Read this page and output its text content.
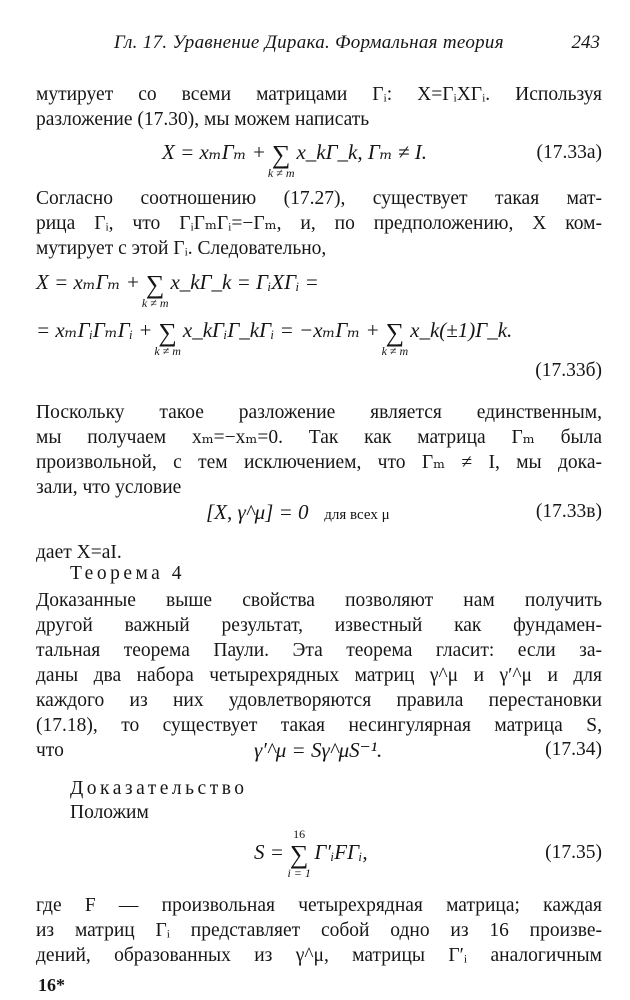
Гл. 17. Уравнение Дирака. Формальная теория	243
мутирует со всеми матрицами Γᵢ: X=ΓᵢXΓᵢ. Используя
разложение (17.30), мы можем написать
X = xₘΓₘ + ∑
k ≠ m
x_kΓ_k, Γₘ ≠ I.	(17.33a)
Согласно соотношению (17.27), существует такая мат-
рица Γᵢ, что ΓᵢΓₘΓᵢ=−Γₘ, и, по предположению, X ком-
мутирует с этой Γᵢ. Следовательно,
X = xₘΓₘ + ∑
k ≠ m
x_kΓ_k = ΓᵢXΓᵢ =
= xₘΓᵢΓₘΓᵢ + ∑
k ≠ m
x_kΓᵢΓ_kΓᵢ = −xₘΓₘ + ∑
k ≠ m
x_k(±1)Γ_k.
(17.33б)
Поскольку такое разложение является единственным,
мы получаем xₘ=−xₘ=0. Так как матрица Γₘ была
произвольной, с тем исключением, что Γₘ ≠ I, мы дока-
зали, что условие
[X, γ^μ] = 0 для всех μ	(17.33в)
дает X=aI.
Теорема 4
Доказанные выше свойства позволяют нам получить
другой важный результат, известный как фундамен-
тальная теорема Паули. Эта теорема гласит: если за-
даны два набора четырехрядных матриц γ^μ и γ′^μ и для
каждого из них удовлетворяются правила перестановки
(17.18), то существует такая несингулярная матрица S,
что	γ′^μ = Sγ^μS⁻¹.	(17.34)
Доказательство
Положим
S =
16
∑
i = 1
Γ′ᵢFΓᵢ,	(17.35)
где F — произвольная четырехрядная матрица; каждая
из матриц Γᵢ представляет собой одно из 16 произве-
дений, образованных из γ^μ, матрицы Γ′ᵢ аналогичным
16*
